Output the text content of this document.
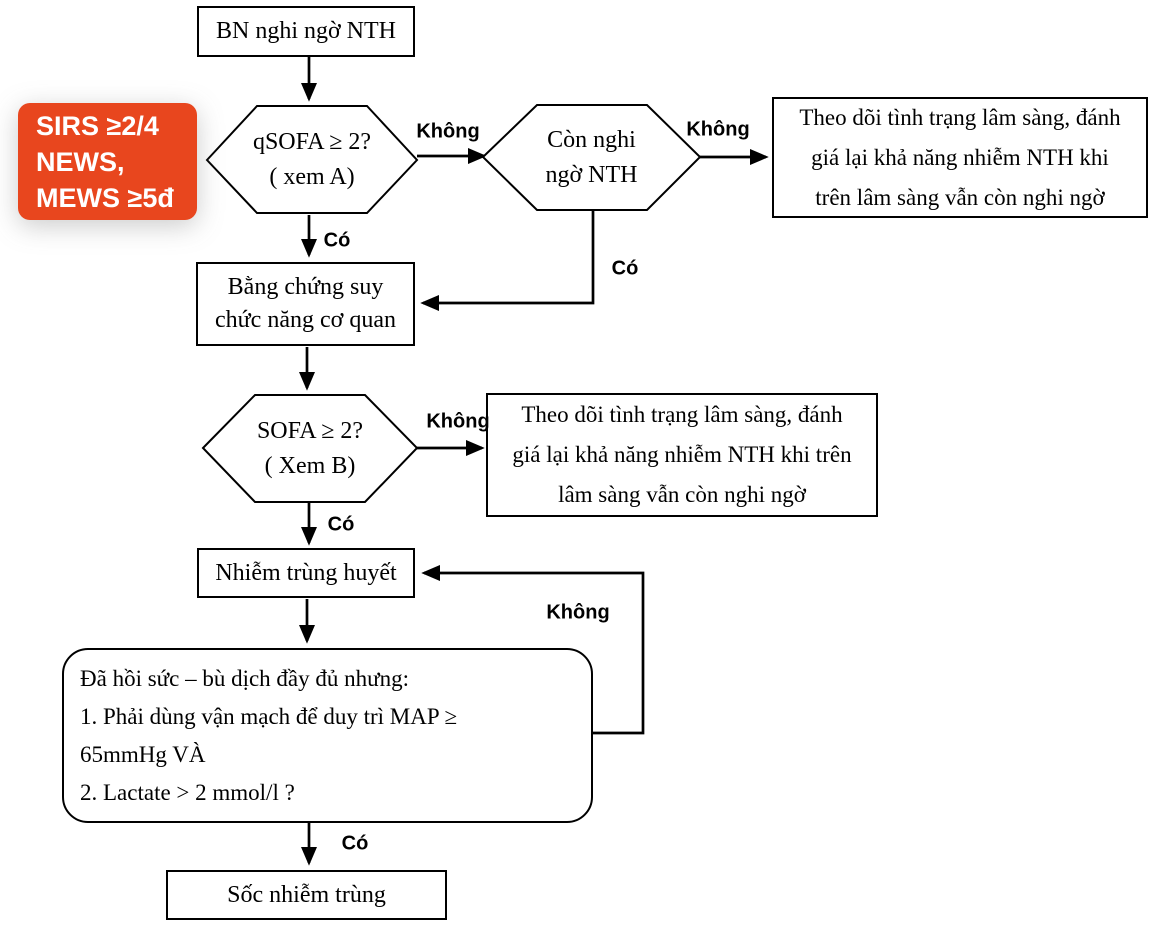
SIRS ≥2/4
NEWS,
MEWS ≥5đ
BN nghi ngờ NTH
Theo dõi tình trạng lâm sàng, đánh
giá lại khả năng nhiễm NTH khi
trên lâm sàng vẫn còn nghi ngờ
Bằng chứng suy
chức năng cơ quan
Theo dõi tình trạng lâm sàng, đánh
giá lại khả năng nhiễm NTH khi trên
lâm sàng vẫn còn nghi ngờ
Nhiễm trùng huyết
Đã hồi sức – bù dịch đầy đủ nhưng:
1. Phải dùng vận mạch để duy trì MAP ≥
65mmHg VÀ
2. Lactate > 2 mmol/l ?
Sốc nhiễm trùng
qSOFA ≥ 2?
( xem A)
Còn nghi
ngờ NTH
SOFA ≥ 2?
( Xem B)
Không	Không
Có
Có
Không
Có
Không
Có
